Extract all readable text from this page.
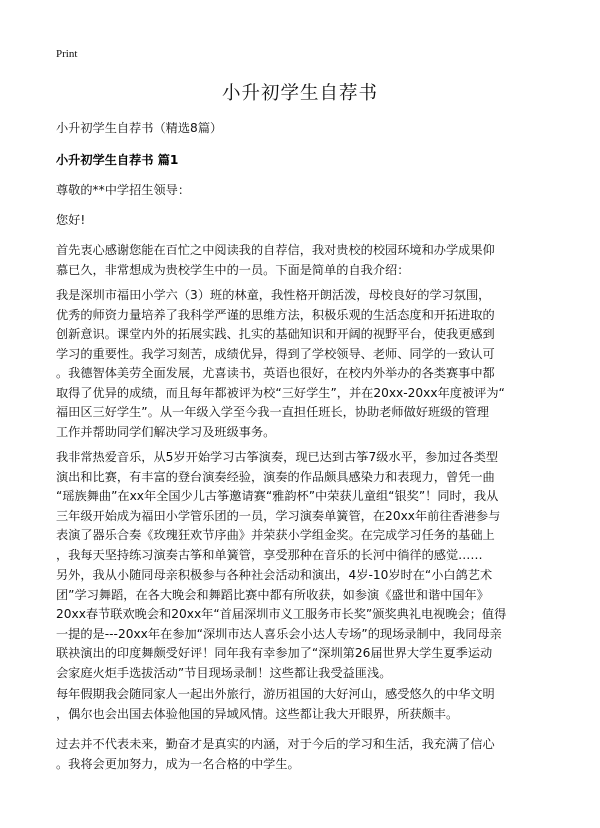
Print
小升初学生自荐书
小升初学生自荐书（精选8篇）
小升初学生自荐书 篇1
尊敬的**中学招生领导：
您好!
首先衷心感谢您能在百忙之中阅读我的自荐信，我对贵校的校园环境和办学成果仰
慕已久，非常想成为贵校学生中的一员。下面是简单的自我介绍：
我是深圳市福田小学六（3）班的林童，我性格开朗活泼，母校良好的学习氛围，
优秀的师资力量培养了我科学严谨的思维方法，积极乐观的生活态度和开拓进取的
创新意识。课堂内外的拓展实践、扎实的基础知识和开阔的视野平台，使我更感到
学习的重要性。我学习刻苦，成绩优异，得到了学校领导、老师、同学的一致认可
。我德智体美劳全面发展，尤喜读书，英语也很好，在校内外举办的各类赛事中都
取得了优异的成绩，而且每年都被评为校“三好学生”，并在20xx-20xx年度被评为“
福田区三好学生”。从一年级入学至今我一直担任班长，协助老师做好班级的管理
工作并帮助同学们解决学习及班级事务。
我非常热爱音乐，从5岁开始学习古筝演奏，现已达到古筝7级水平，参加过各类型
演出和比赛，有丰富的登台演奏经验，演奏的作品颇具感染力和表现力，曾凭一曲
“瑶族舞曲”在xx年全国少儿古筝邀请赛“雅韵杯”中荣获儿童组“银奖”！同时，我从
三年级开始成为福田小学管乐团的一员，学习演奏单簧管，在20xx年前往香港参与
表演了器乐合奏《玫瑰狂欢节序曲》并荣获小学组金奖。在完成学习任务的基础上
，我每天坚持练习演奏古筝和单簧管，享受那种在音乐的长河中徜徉的感觉……
另外，我从小随同母亲积极参与各种社会活动和演出，4岁-10岁时在“小白鸽艺术
团”学习舞蹈，在各大晚会和舞蹈比赛中都有所收获，如参演《盛世和谐中国年》
20xx春节联欢晚会和20xx年“首届深圳市义工服务市长奖”颁奖典礼电视晚会；值得
一提的是---20xx年在参加“深圳市达人喜乐会小达人专场”的现场录制中，我同母亲
联袂演出的印度舞颇受好评！同年我有幸参加了“深圳第26届世界大学生夏季运动
会家庭火炬手选拔活动”节目现场录制！这些都让我受益匪浅。
每年假期我会随同家人一起出外旅行，游历祖国的大好河山，感受悠久的中华文明
，偶尔也会出国去体验他国的异域风情。这些都让我大开眼界，所获颇丰。
过去并不代表未来，勤奋才是真实的内涵，对于今后的学习和生活，我充满了信心
。我将会更加努力，成为一名合格的中学生。
